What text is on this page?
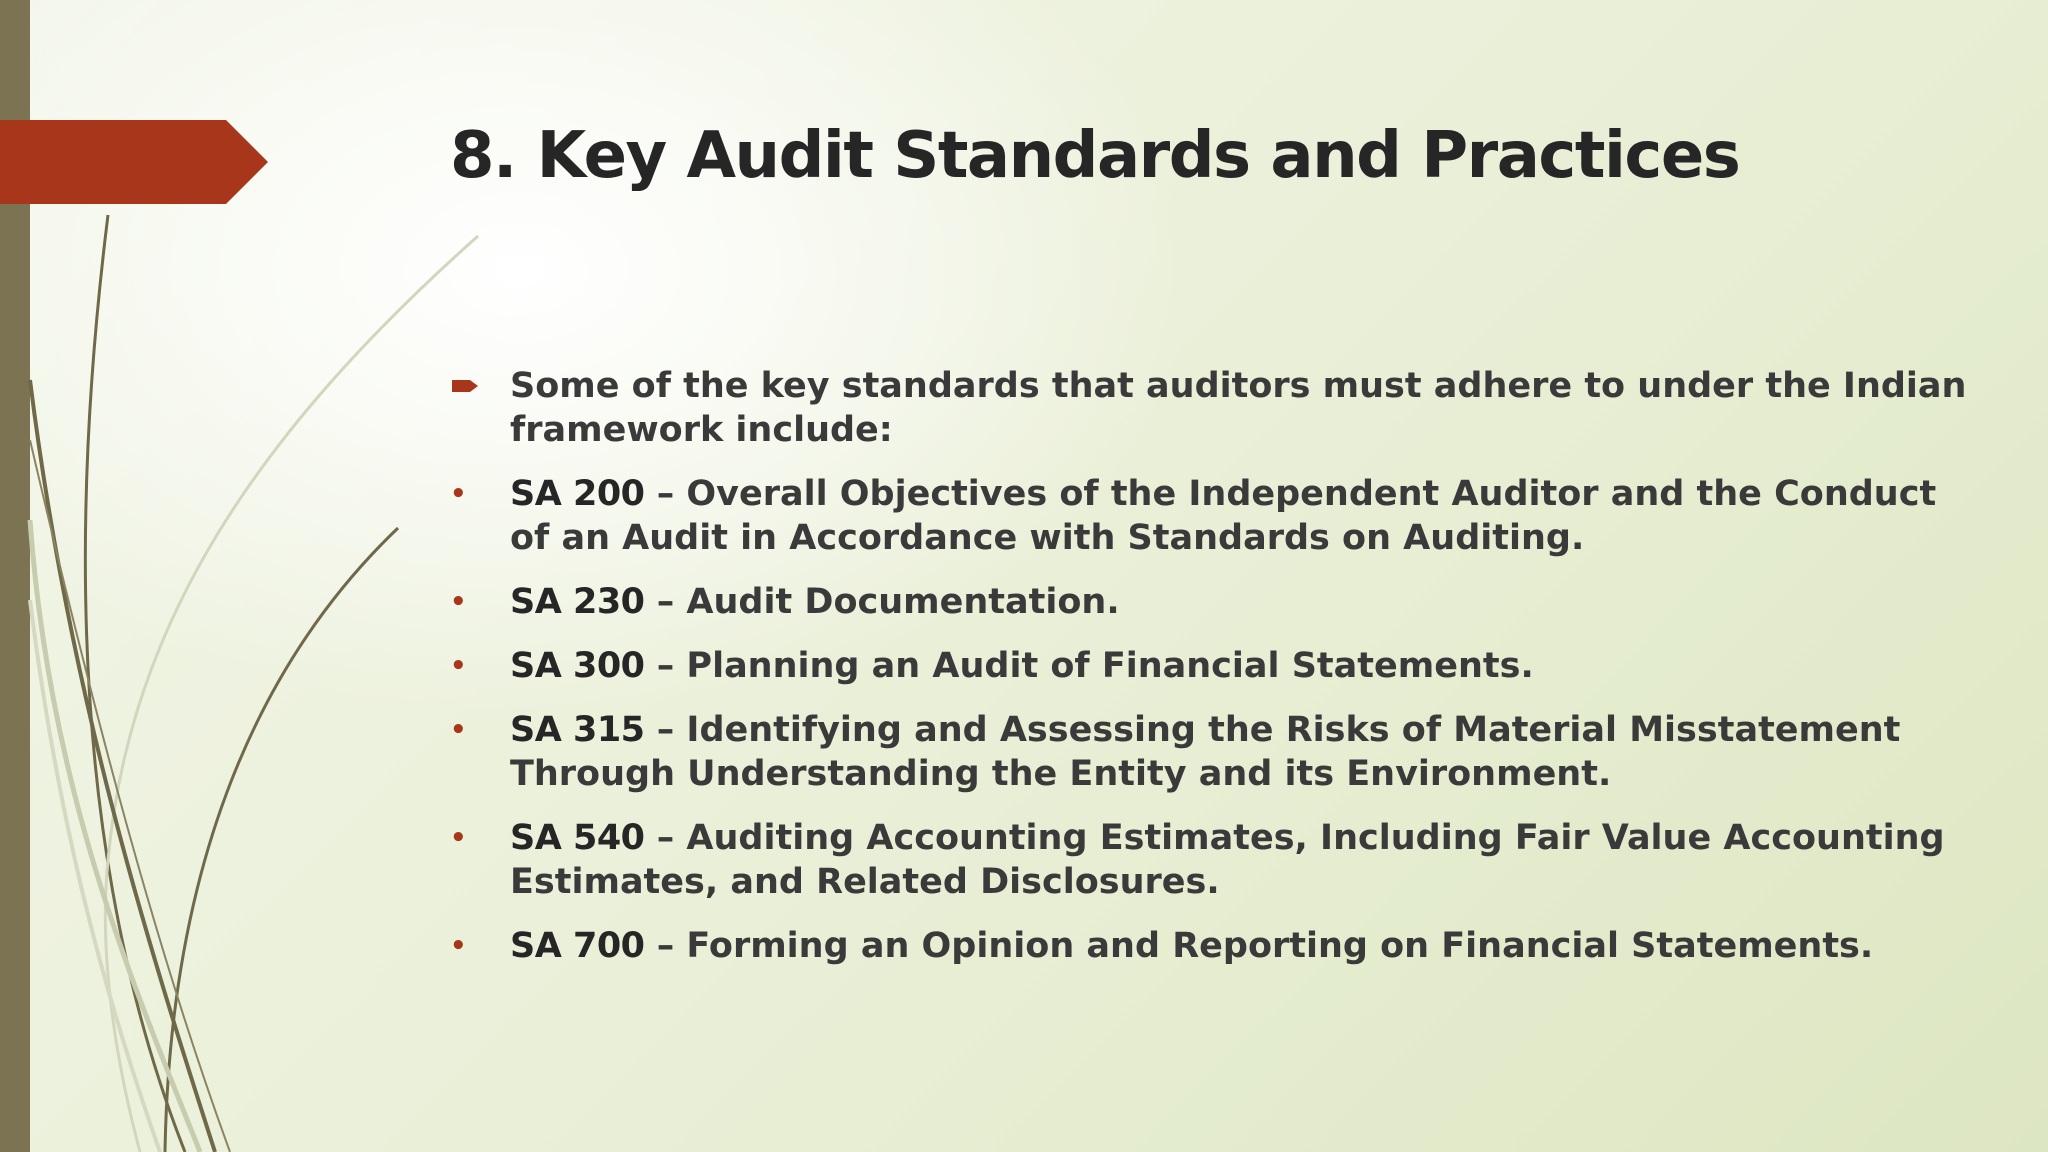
8. Key Audit Standards and Practices
Some of the key standards that auditors must adhere to under the Indian framework include:
•	SA 200 – Overall Objectives of the Independent Auditor and the Conduct of an Audit in Accordance with Standards on Auditing.
•	SA 230 – Audit Documentation.
•	SA 300 – Planning an Audit of Financial Statements.
•	SA 315 – Identifying and Assessing the Risks of Material Misstatement Through Understanding the Entity and its Environment.
•	SA 540 – Auditing Accounting Estimates, Including Fair Value Accounting Estimates, and Related Disclosures.
•	SA 700 – Forming an Opinion and Reporting on Financial Statements.
